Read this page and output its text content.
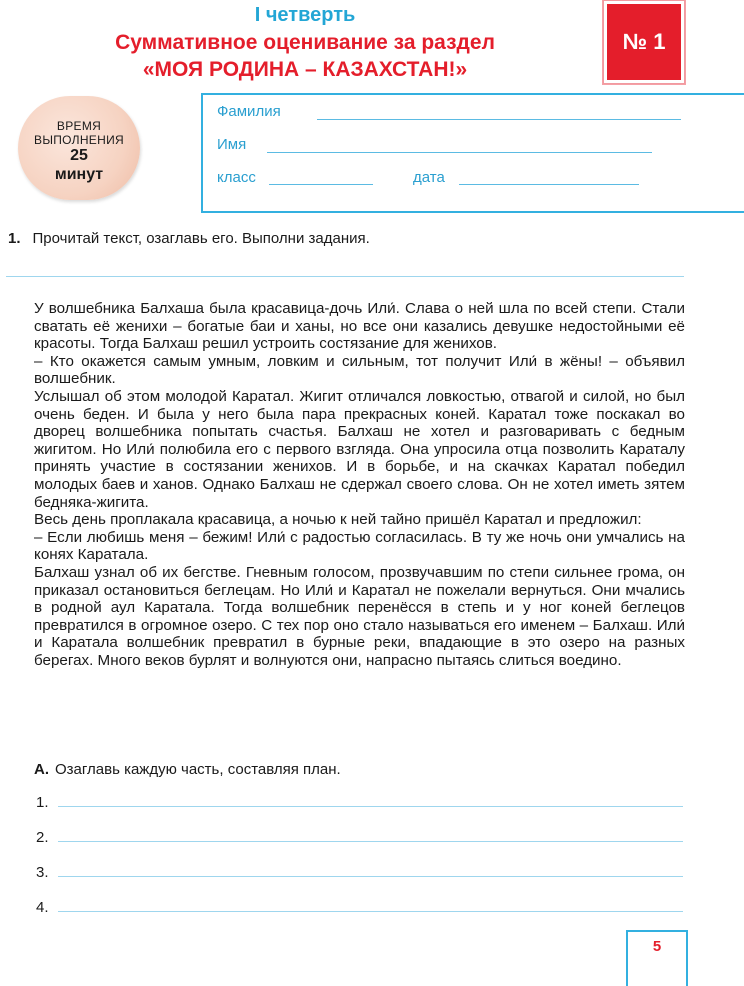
I четверть
Суммативное оценивание за раздел
«МОЯ РОДИНА – КАЗАХСТАН!»
№ 1
ВРЕМЯ
ВЫПОЛНЕНИЯ
25
минут
Фамилия
Имя
класс	дата
1. Прочитай текст, озаглавь его. Выполни задания.

У волшебника Балхаша была красавица-дочь Или́. Слава о ней шла по всей степи. Стали сватать её женихи – богатые баи и ханы, но все они казались девушке недостойными её красоты. Тогда Балхаш решил устроить состязание для женихов.

– Кто окажется самым умным, ловким и сильным, тот получит Или́ в жёны! – объявил волшебник.

Услышал об этом молодой Каратал. Жигит отличался ловкостью, отвагой и силой, но был очень беден. И была у него была пара прекрасных коней. Каратал тоже поскакал во дворец волшебника попытать счастья. Балхаш не хотел и разговаривать с бедным жигитом. Но Или́ полюбила его с первого взгляда. Она упросила отца позволить Караталу принять участие в состязании женихов. И в борьбе, и на скачках Каратал победил молодых баев и ханов. Однако Балхаш не сдержал своего слова. Он не хотел иметь зятем бедняка-жигита.

Весь день проплакала красавица, а ночью к ней тайно пришёл Каратал и предложил:

– Если любишь меня – бежим! Или́ с радостью согласилась. В ту же ночь они умчались на конях Каратала.

Балхаш узнал об их бегстве. Гневным голосом, прозвучавшим по степи сильнее грома, он приказал остановиться беглецам. Но Или́ и Каратал не пожелали вернуться. Они мчались в родной аул Каратала. Тогда волшебник перенёсся в степь и у ног коней беглецов превратился в огромное озеро. С тех пор оно стало называться его именем – Балхаш. Или́ и Каратала волшебник превратил в бурные реки, впадающие в это озеро на разных берегах. Много веков бурлят и волнуются они, напрасно пытаясь слиться воедино.

А. Озаглавь каждую часть, составляя план.
1.
2.
3.
4.
5
